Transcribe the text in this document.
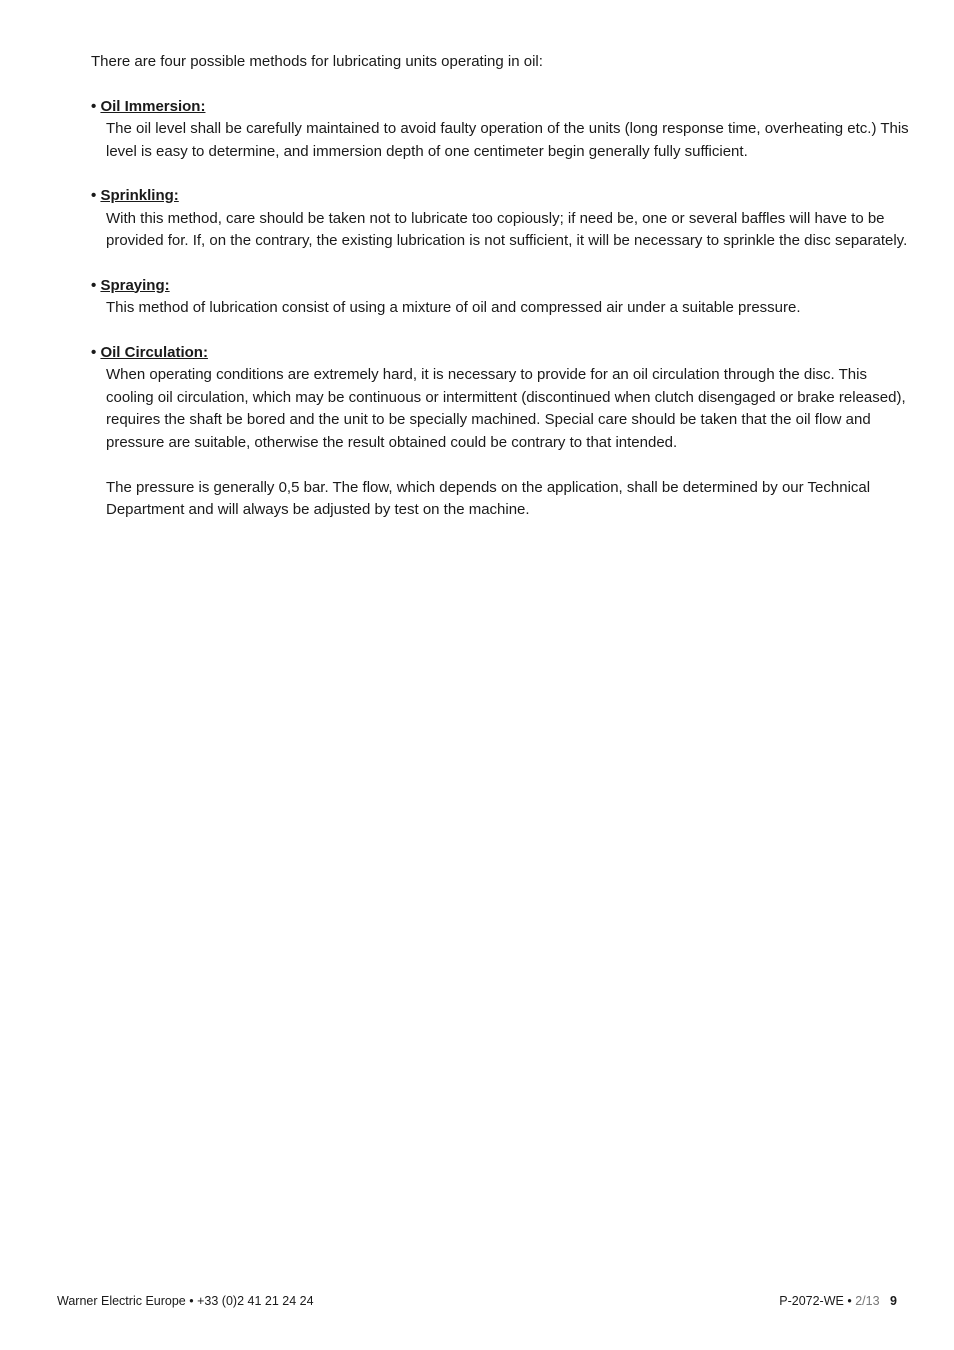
There are four possible methods for lubricating units operating in oil:

• Oil Immersion:

The oil level shall be carefully maintained to avoid faulty operation of the units (long response time, overheating etc.) This level is easy to determine, and immersion depth of one centimeter begin generally fully sufficient.

• Sprinkling:

With this method, care should be taken not to lubricate too copiously; if need be, one or several baffles will have to be provided for. If, on the contrary, the existing lubrication is not sufficient, it will be necessary to sprinkle the disc separately.

• Spraying:

This method of lubrication consist of using a mixture of oil and compressed air under a suitable pressure.

• Oil Circulation:

When operating conditions are extremely hard, it is necessary to provide for an oil circulation through the disc. This cooling oil circulation, which may be continuous or intermittent (discontinued when clutch disengaged or brake released), requires the shaft be bored and the unit to be specially machined. Special care should be taken that the oil flow and pressure are suitable, otherwise the result obtained could be contrary to that intended.

The pressure is generally 0,5 bar. The flow, which depends on the application, shall be determined by our Technical Department and will always be adjusted by test on the machine.

Warner Electric Europe • +33 (0)2 41 21 24 24	P-2072-WE • 2/13 9
